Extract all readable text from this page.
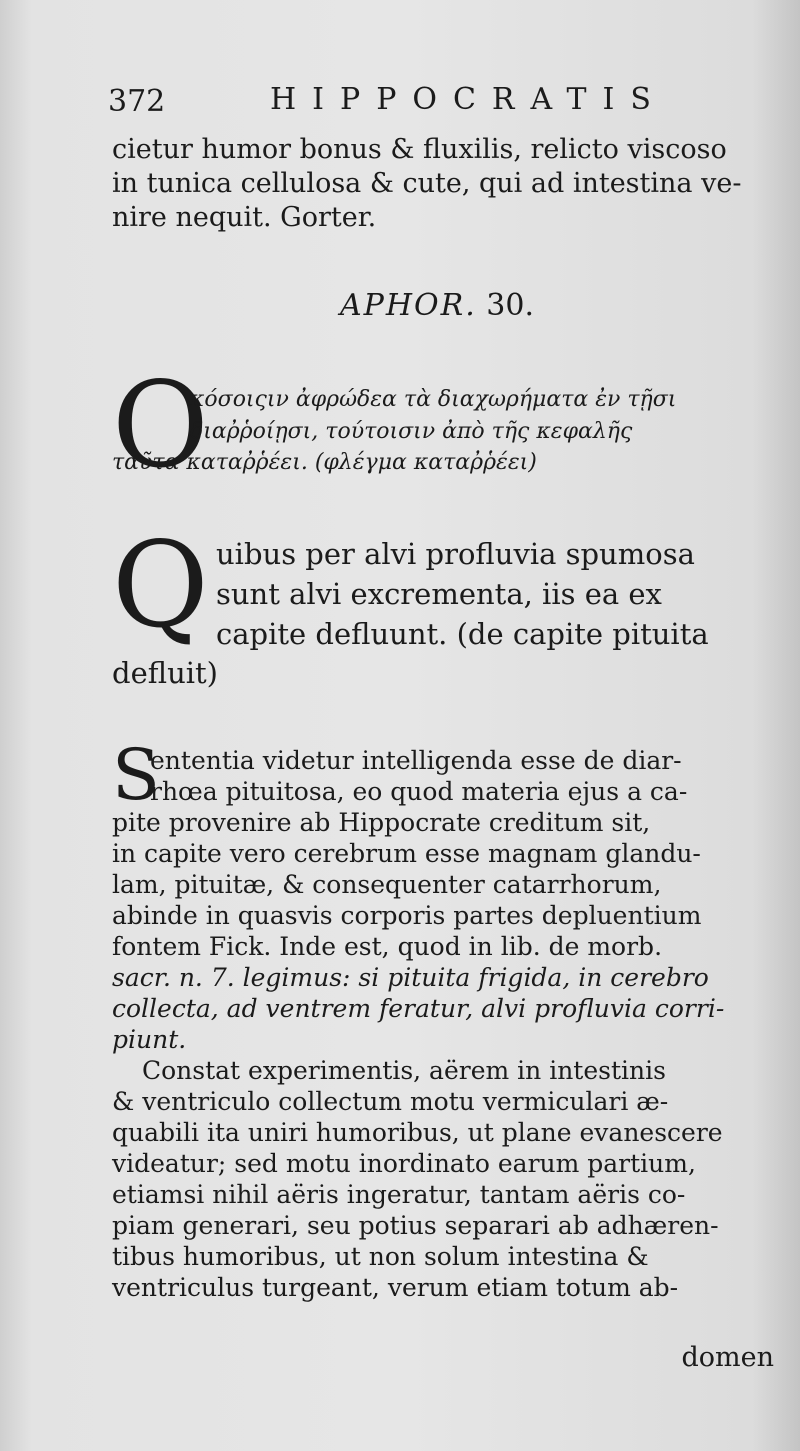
372	HIPPOCRATIS
cietur humor bonus & fluxilis, relicto viscoso
in tunica cellulosa & cute, qui ad intestina ve-
nire nequit. Gorter.
APHOR. 30.
O
κόσοιςιν ἀφρώδεα τὰ διαχωρήματα ἐν τῇσι
διαῤῥοίῃσι, τούτοισιν ἀπὸ τῆς κεφαλῆς
ταῦτα καταῤῥέει. (φλέγμα καταῤῥέει)
Q uibus per alvi profluvia spumosa
sunt alvi excrementa, iis ea ex
capite defluunt. (de capite pituita
defluit)
S
ententia videtur intelligenda esse de diar-
rhœa pituitosa, eo quod materia ejus a ca-
pite provenire ab Hippocrate creditum sit,
in capite vero cerebrum esse magnam glandu-
lam, pituitæ, & consequenter catarrhorum,
abinde in quasvis corporis partes depluentium
fontem Fick. Inde est, quod in lib. de morb.
sacr. n. 7. legimus: si pituita frigida, in cerebro
collecta, ad ventrem feratur, alvi profluvia corri-
piunt.
Constat experimentis, aërem in intestinis
& ventriculo collectum motu vermiculari æ-
quabili ita uniri humoribus, ut plane evanescere
videatur; sed motu inordinato earum partium,
etiamsi nihil aëris ingeratur, tantam aëris co-
piam generari, seu potius separari ab adhæren-
tibus humoribus, ut non solum intestina &
ventriculus turgeant, verum etiam totum ab-
domen
